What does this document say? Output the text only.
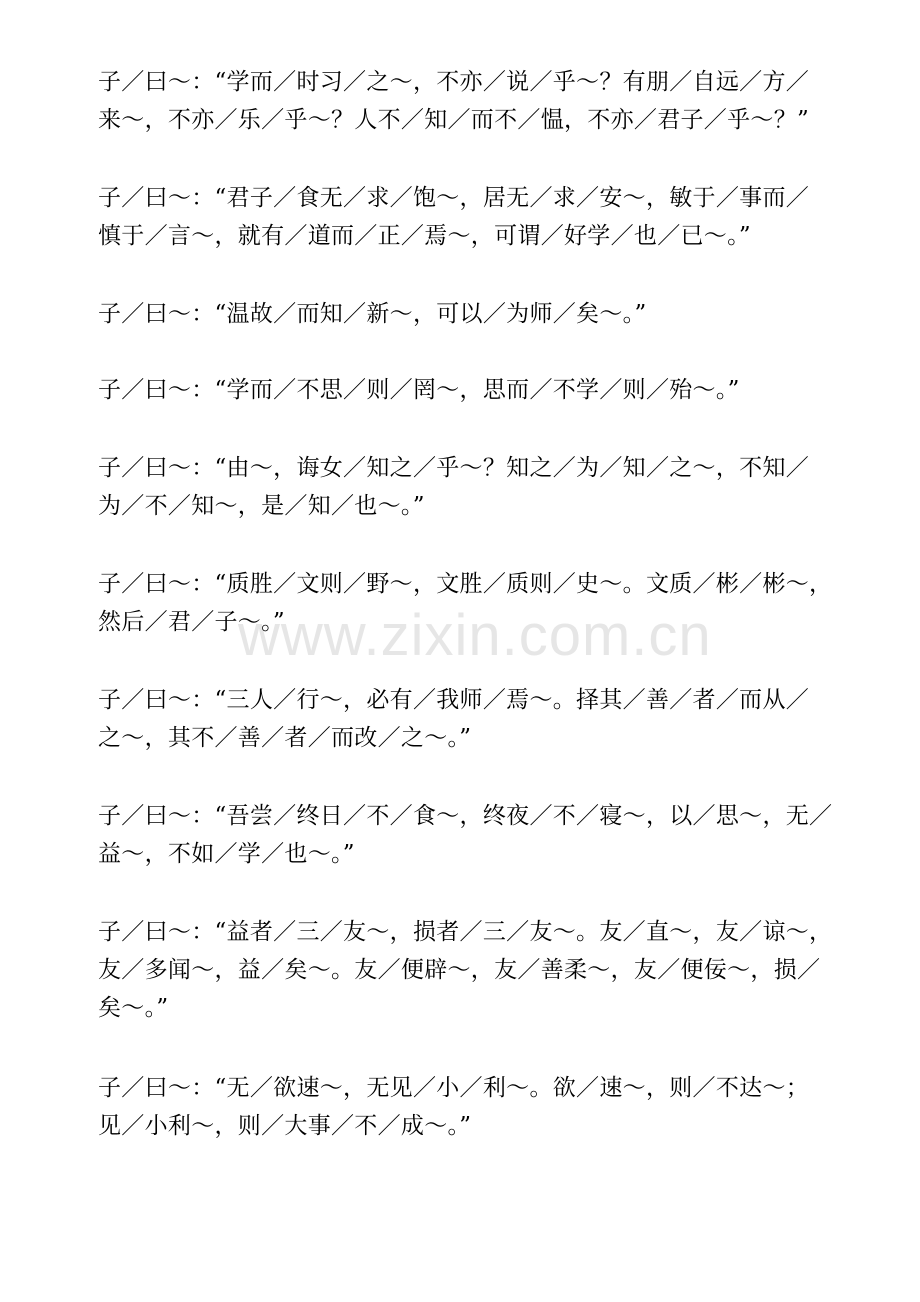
www.zixin.com.cn
子／曰～：“学而／时习／之～，不亦／说／乎～？有朋／自远／方／
来～，不亦／乐／乎～？人不／知／而不／愠，不亦／君子／乎～？”
子／曰～：“君子／食无／求／饱～，居无／求／安～，敏于／事而／
慎于／言～，就有／道而／正／焉～，可谓／好学／也／已～。”
子／曰～：“温故／而知／新～，可以／为师／矣～。”
子／曰～：“学而／不思／则／罔～，思而／不学／则／殆～。”
子／曰～：“由～，诲女／知之／乎～？知之／为／知／之～，不知／
为／不／知～，是／知／也～。”
子／曰～：“质胜／文则／野～，文胜／质则／史～。文质／彬／彬～，
然后／君／子～。”
子／曰～：“三人／行～，必有／我师／焉～。择其／善／者／而从／
之～，其不／善／者／而改／之～。”
子／曰～：“吾尝／终日／不／食～，终夜／不／寝～，以／思～，无／
益～，不如／学／也～。”
子／曰～：“益者／三／友～，损者／三／友～。友／直～，友／谅～，
友／多闻～，益／矣～。友／便辟～，友／善柔～，友／便佞～，损／
矣～。”
子／曰～：“无／欲速～，无见／小／利～。欲／速～，则／不达～；
见／小利～，则／大事／不／成～。”
